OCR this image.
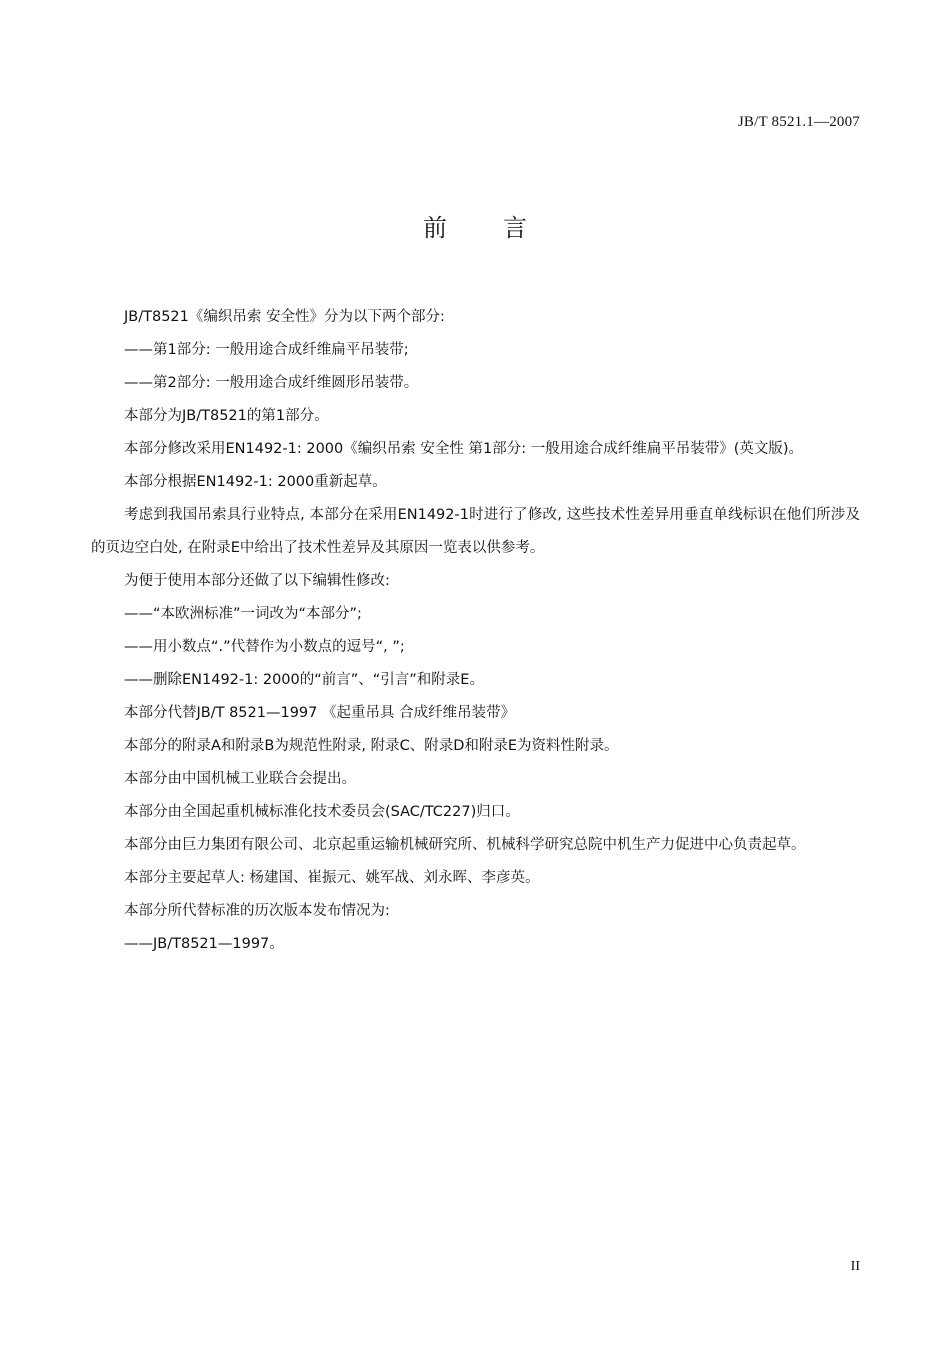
JB/T 8521.1—2007
前言

JB/T8521《编织吊索 安全性》分为以下两个部分:

——第1部分: 一般用途合成纤维扁平吊装带;

——第2部分: 一般用途合成纤维圆形吊装带。

本部分为JB/T8521的第1部分。

本部分修改采用EN1492-1: 2000《编织吊索 安全性 第1部分: 一般用途合成纤维扁平吊装带》(英文版)。

本部分根据EN1492-1: 2000重新起草。

考虑到我国吊索具行业特点, 本部分在采用EN1492-1时进行了修改, 这些技术性差异用垂直单线标识在他们所涉及的页边空白处, 在附录E中给出了技术性差异及其原因一览表以供参考。

为便于使用本部分还做了以下编辑性修改:

——“本欧洲标准”一词改为“本部分”;

——用小数点“.”代替作为小数点的逗号“, ”;

——删除EN1492-1: 2000的“前言”、“引言”和附录E。

本部分代替JB/T 8521—1997 《起重吊具 合成纤维吊装带》

本部分的附录A和附录B为规范性附录, 附录C、附录D和附录E为资料性附录。

本部分由中国机械工业联合会提出。

本部分由全国起重机械标准化技术委员会(SAC/TC227)归口。

本部分由巨力集团有限公司、北京起重运输机械研究所、机械科学研究总院中机生产力促进中心负责起草。

本部分主要起草人: 杨建国、崔振元、姚军战、刘永晖、李彦英。

本部分所代替标准的历次版本发布情况为:

——JB/T8521—1997。

II
